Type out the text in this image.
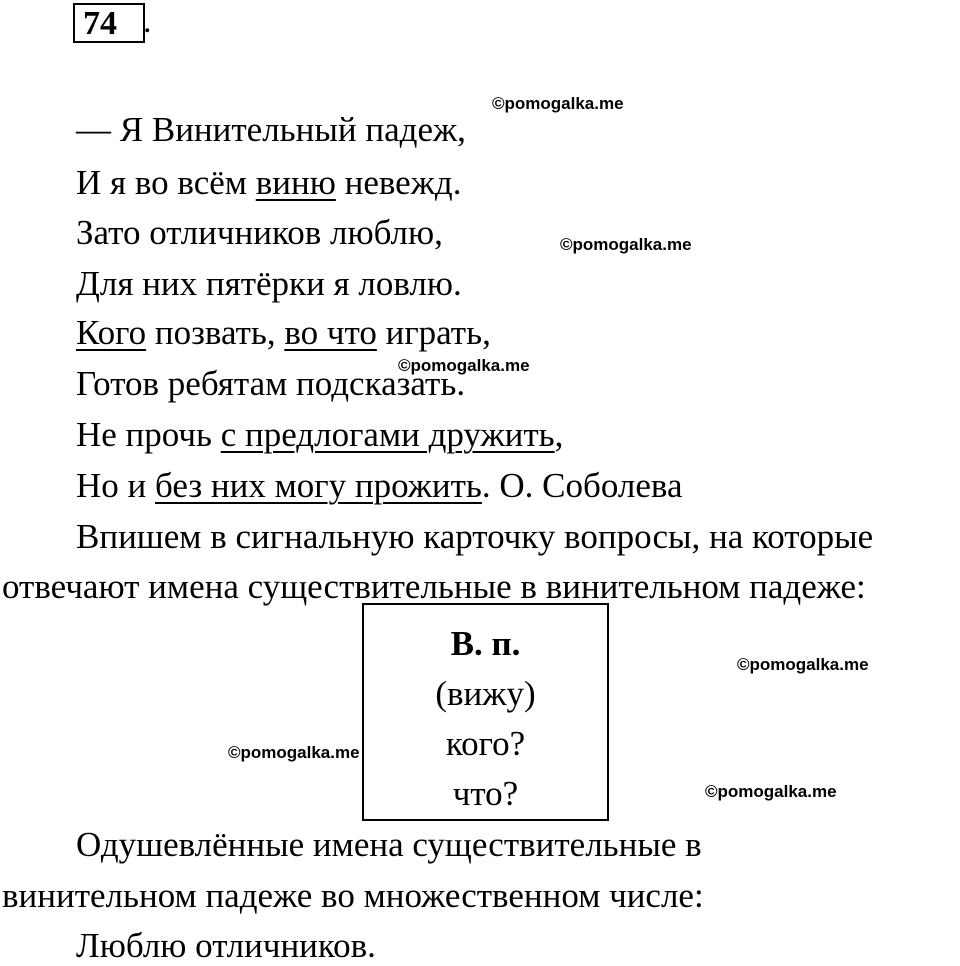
74 .

— Я Винительный падеж,

И я во всём виню невежд.

Зато отличников люблю,

Для них пятёрки я ловлю.

Кого позвать, во что играть,

Готов ребятам подсказать.

Не прочь с предлогами дружить,

Но и без них могу прожить. О. Соболева

Впишем в сигнальную карточку вопросы, на которые

отвечают имена существительные в винительном падеже:

В. п.
(вижу)
кого?
что?

Одушевлённые имена существительные в

винительном падеже во множественном числе:

Люблю отличников.

©pomogalka.me
©pomogalka.me
©pomogalka.me
©pomogalka.me
©pomogalka.me
©pomogalka.me
